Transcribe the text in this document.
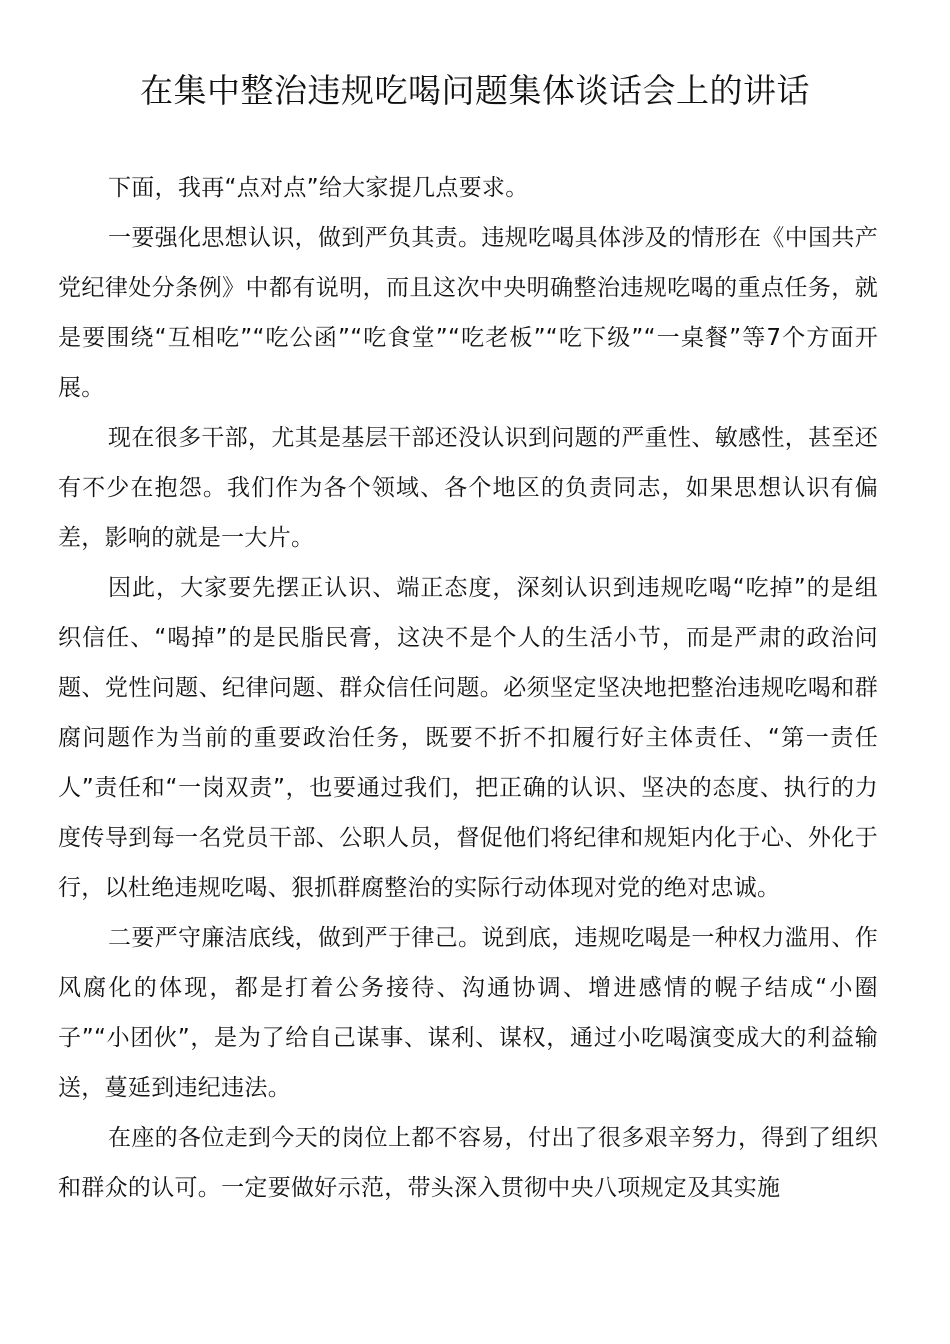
在集中整治违规吃喝问题集体谈话会上的讲话

下面，我再“点对点”给大家提几点要求。

一要强化思想认识，做到严负其责。违规吃喝具体涉及的情形在《中国共产党纪律处分条例》中都有说明，而且这次中央明确整治违规吃喝的重点任务，就是要围绕“互相吃”“吃公函”“吃食堂”“吃老板”“吃下级”“一桌餐”等7个方面开展。

现在很多干部，尤其是基层干部还没认识到问题的严重性、敏感性，甚至还有不少在抱怨。我们作为各个领域、各个地区的负责同志，如果思想认识有偏差，影响的就是一大片。

因此，大家要先摆正认识、端正态度，深刻认识到违规吃喝“吃掉”的是组织信任、“喝掉”的是民脂民膏，这决不是个人的生活小节，而是严肃的政治问题、党性问题、纪律问题、群众信任问题。必须坚定坚决地把整治违规吃喝和群腐问题作为当前的重要政治任务，既要不折不扣履行好主体责任、“第一责任人”责任和“一岗双责”，也要通过我们，把正确的认识、坚决的态度、执行的力度传导到每一名党员干部、公职人员，督促他们将纪律和规矩内化于心、外化于行，以杜绝违规吃喝、狠抓群腐整治的实际行动体现对党的绝对忠诚。

二要严守廉洁底线，做到严于律己。说到底，违规吃喝是一种权力滥用、作风腐化的体现，都是打着公务接待、沟通协调、增进感情的幌子结成“小圈子”“小团伙”，是为了给自己谋事、谋利、谋权，通过小吃喝演变成大的利益输送，蔓延到违纪违法。

在座的各位走到今天的岗位上都不容易，付出了很多艰辛努力，得到了组织和群众的认可。一定要做好示范，带头深入贯彻中央八项规定及其实施
